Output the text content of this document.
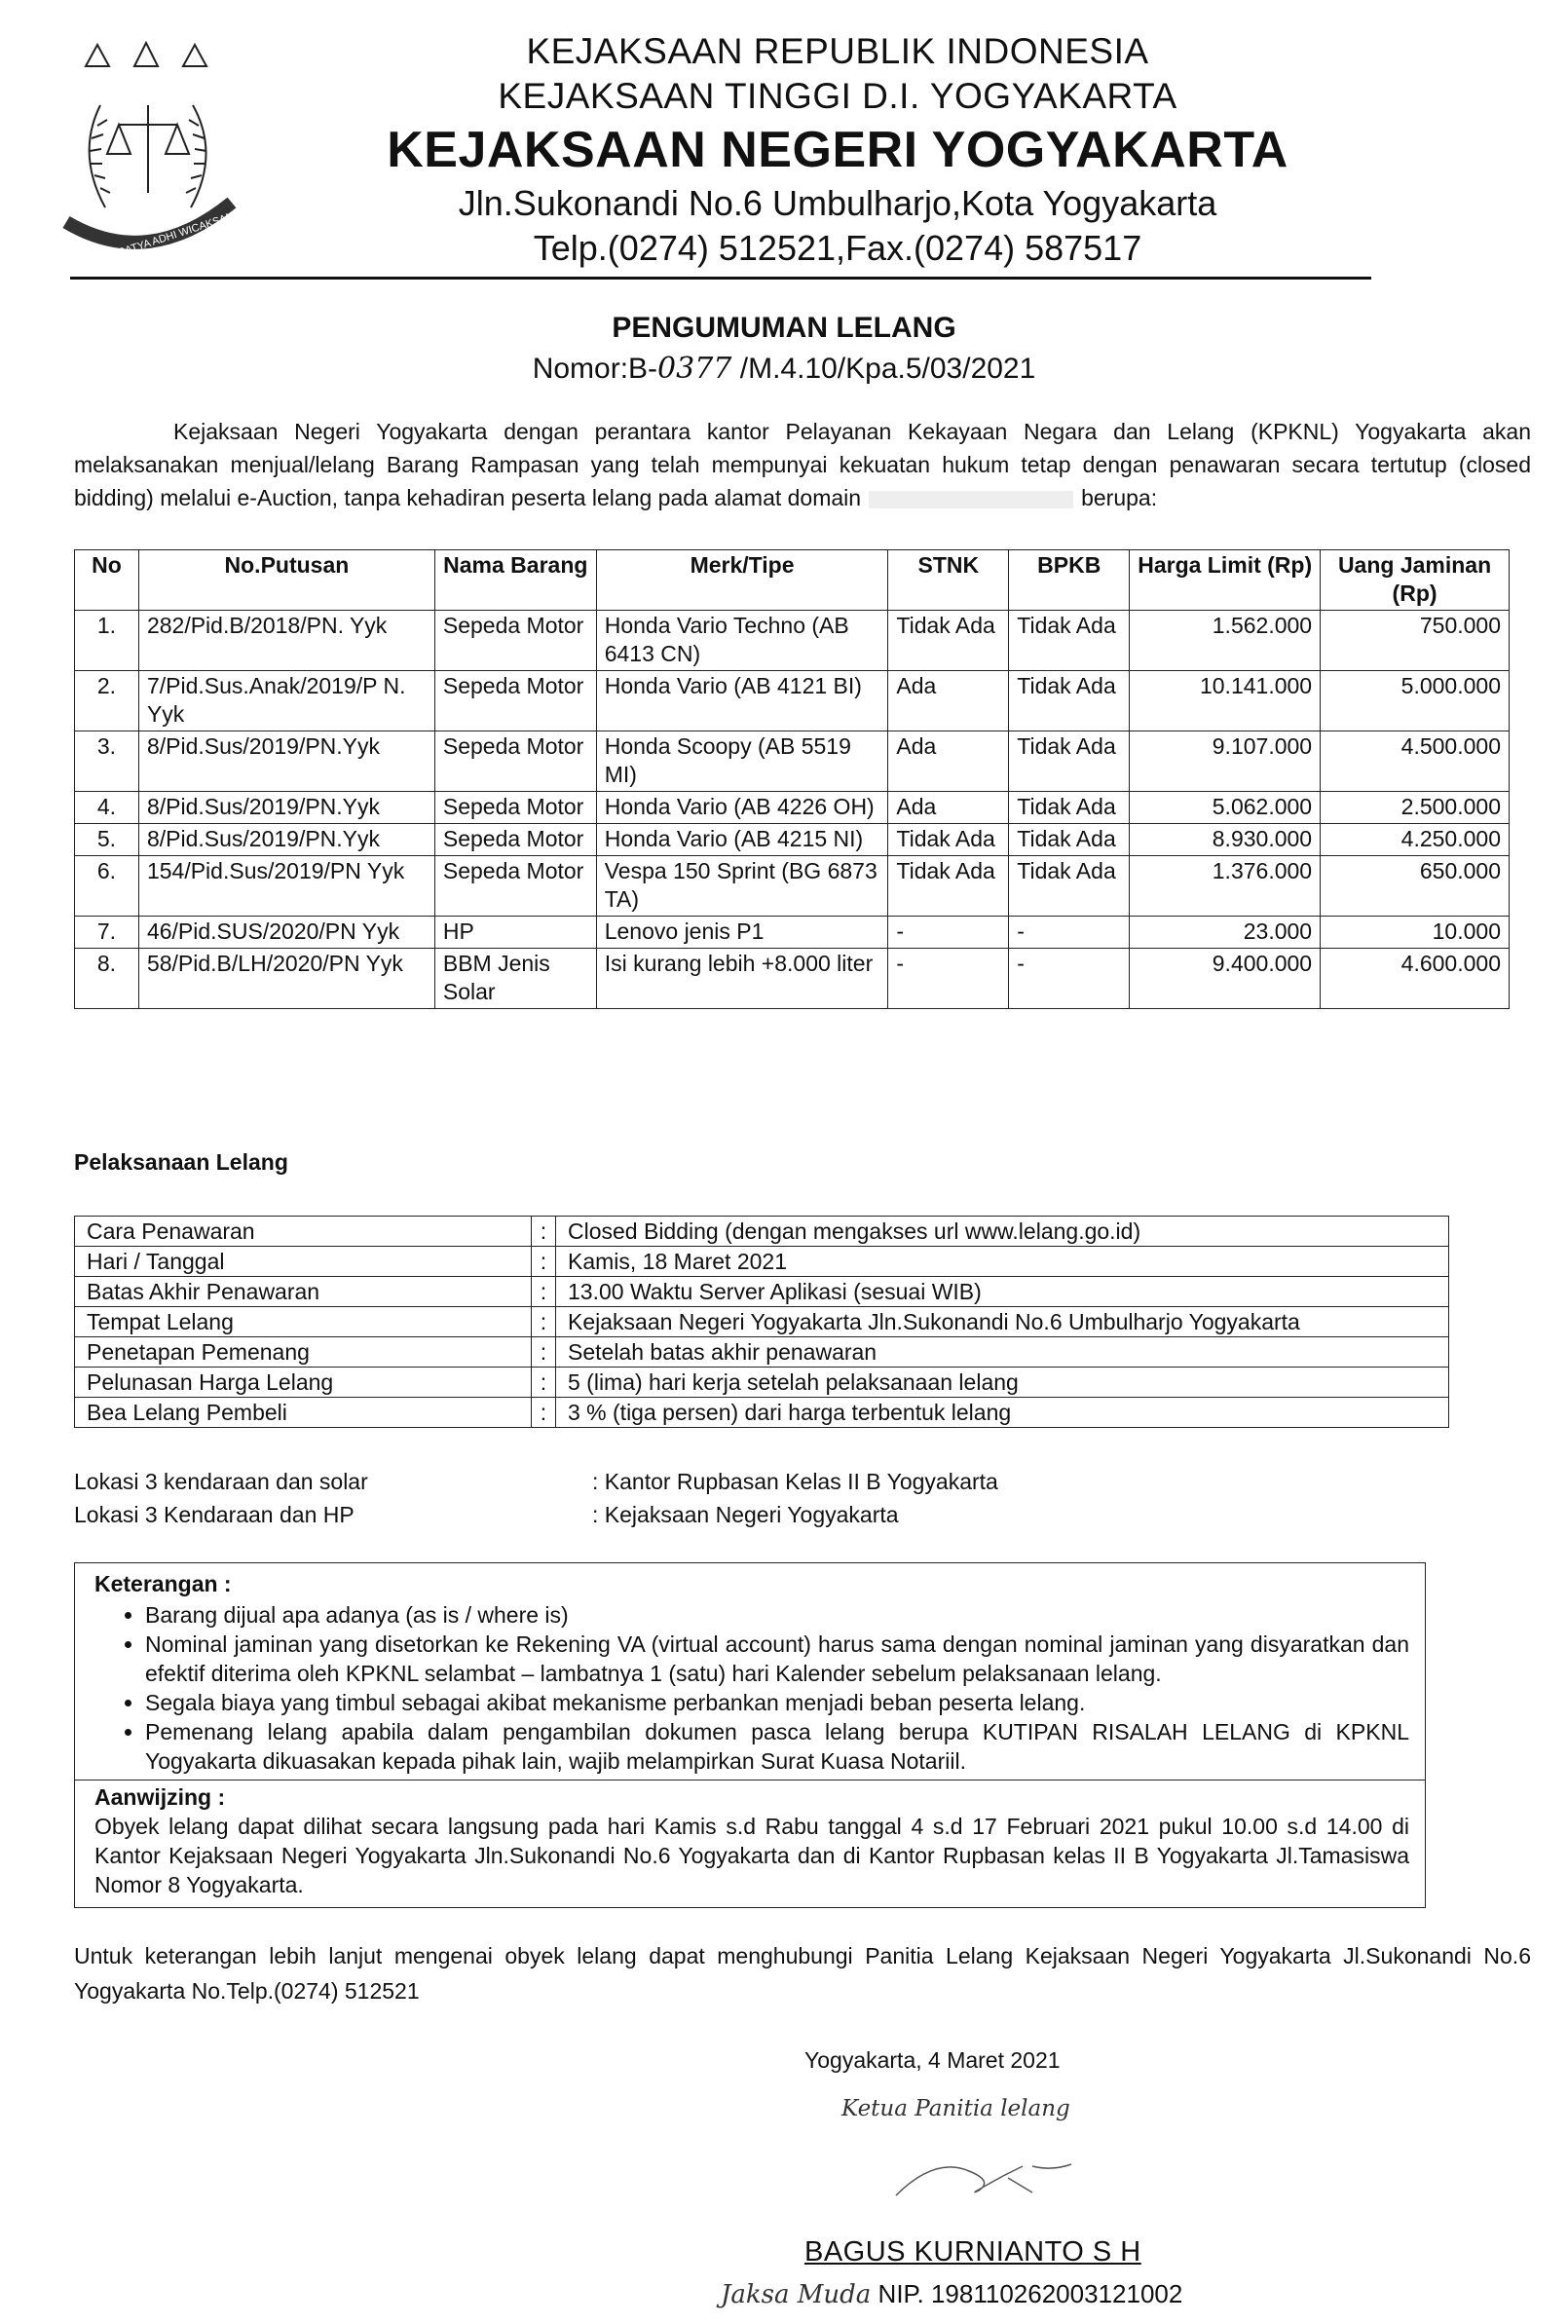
SATYA ADHI WICAKSANA
KEJAKSAAN REPUBLIK INDONESIA
KEJAKSAAN TINGGI D.I. YOGYAKARTA
KEJAKSAAN NEGERI YOGYAKARTA
Jln.Sukonandi No.6 Umbulharjo,Kota Yogyakarta
Telp.(0274) 512521,Fax.(0274) 587517
PENGUMUMAN LELANG
Nomor:B-0377 /M.4.10/Kpa.5/03/2021
Kejaksaan Negeri Yogyakarta dengan perantara kantor Pelayanan Kekayaan Negara dan Lelang (KPKNL) Yogyakarta akan melaksanakan menjual/lelang Barang Rampasan yang telah mempunyai kekuatan hukum tetap dengan penawaran secara tertutup (closed bidding) melalui e-Auction, tanpa kehadiran peserta lelang pada alamat domain	berupa:
No	No.Putusan	Nama Barang	Merk/Tipe	STNK	BPKB	Harga Limit (Rp)	Uang Jaminan (Rp)
1.	282/Pid.B/2018/PN. Yyk	Sepeda Motor	Honda Vario Techno (AB 6413 CN)	Tidak Ada	Tidak Ada	1.562.000	750.000
2.	7/Pid.Sus.Anak/2019/P N. Yyk	Sepeda Motor	Honda Vario (AB 4121 BI)	Ada	Tidak Ada	10.141.000	5.000.000
3.	8/Pid.Sus/2019/PN.Yyk	Sepeda Motor	Honda Scoopy (AB 5519 MI)	Ada	Tidak Ada	9.107.000	4.500.000
4.	8/Pid.Sus/2019/PN.Yyk	Sepeda Motor	Honda Vario (AB 4226 OH)	Ada	Tidak Ada	5.062.000	2.500.000
5.	8/Pid.Sus/2019/PN.Yyk	Sepeda Motor	Honda Vario (AB 4215 NI)	Tidak Ada	Tidak Ada	8.930.000	4.250.000
6.	154/Pid.Sus/2019/PN Yyk	Sepeda Motor	Vespa 150 Sprint (BG 6873 TA)	Tidak Ada	Tidak Ada	1.376.000	650.000
7.	46/Pid.SUS/2020/PN Yyk	HP	Lenovo jenis P1	-	-	23.000	10.000
8.	58/Pid.B/LH/2020/PN Yyk	BBM Jenis Solar	Isi kurang lebih +8.000 liter	-	-	9.400.000	4.600.000
Pelaksanaan Lelang
Cara Penawaran	:	Closed Bidding (dengan mengakses url www.lelang.go.id)
Hari / Tanggal	:	Kamis, 18 Maret 2021
Batas Akhir Penawaran	:	13.00 Waktu Server Aplikasi (sesuai WIB)
Tempat Lelang	:	Kejaksaan Negeri Yogyakarta Jln.Sukonandi No.6 Umbulharjo Yogyakarta
Penetapan Pemenang	:	Setelah batas akhir penawaran
Pelunasan Harga Lelang	:	5 (lima) hari kerja setelah pelaksanaan lelang
Bea Lelang Pembeli	:	3 % (tiga persen) dari harga terbentuk lelang
Lokasi 3 kendaraan dan solar	: Kantor Rupbasan Kelas II B Yogyakarta
Lokasi 3 Kendaraan dan HP	: Kejaksaan Negeri Yogyakarta
Keterangan :
• Barang dijual apa adanya (as is / where is)
• Nominal jaminan yang disetorkan ke Rekening VA (virtual account) harus sama dengan nominal jaminan yang disyaratkan dan efektif diterima oleh KPKNL selambat – lambatnya 1 (satu) hari Kalender sebelum pelaksanaan lelang.
• Segala biaya yang timbul sebagai akibat mekanisme perbankan menjadi beban peserta lelang.
• Pemenang lelang apabila dalam pengambilan dokumen pasca lelang berupa KUTIPAN RISALAH LELANG di KPKNL Yogyakarta dikuasakan kepada pihak lain, wajib melampirkan Surat Kuasa Notariil.
Aanwijzing :
Obyek lelang dapat dilihat secara langsung pada hari Kamis s.d Rabu tanggal 4 s.d 17 Februari 2021 pukul 10.00 s.d 14.00 di Kantor Kejaksaan Negeri Yogyakarta Jln.Sukonandi No.6 Yogyakarta dan di Kantor Rupbasan kelas II B Yogyakarta Jl.Tamasiswa Nomor 8 Yogyakarta.
Untuk keterangan lebih lanjut mengenai obyek lelang dapat menghubungi Panitia Lelang Kejaksaan Negeri Yogyakarta Jl.Sukonandi No.6 Yogyakarta No.Telp.(0274) 512521
Yogyakarta, 4 Maret 2021
Ketua Panitia lelang
BAGUS KURNIANTO S H
Jaksa Muda NIP. 198110262003121002
